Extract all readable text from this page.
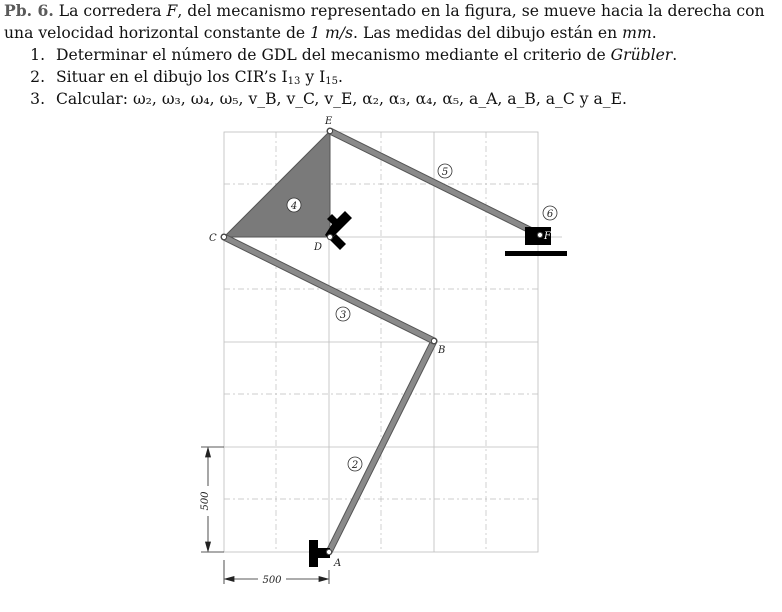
Pb. 6. La corredera F, del mecanismo representado en la figura, se mueve hacia la derecha con una velocidad horizontal constante de 1 m/s. Las medidas del dibujo están en mm.

1. Determinar el número de GDL del mecanismo mediante el criterio de Grübler.
2. Situar en el dibujo los CIR’s $I_{13}$ y $I_{15}$.
3. Calcular: ω₂, ω₃, ω₄, ω₅, v_B, v_C, v_E, α₂, α₃, α₄, α₅, a_A, a_B, a_C y a_E.
E
C
D
B
A
F
2
3
4
5
6
500
500
